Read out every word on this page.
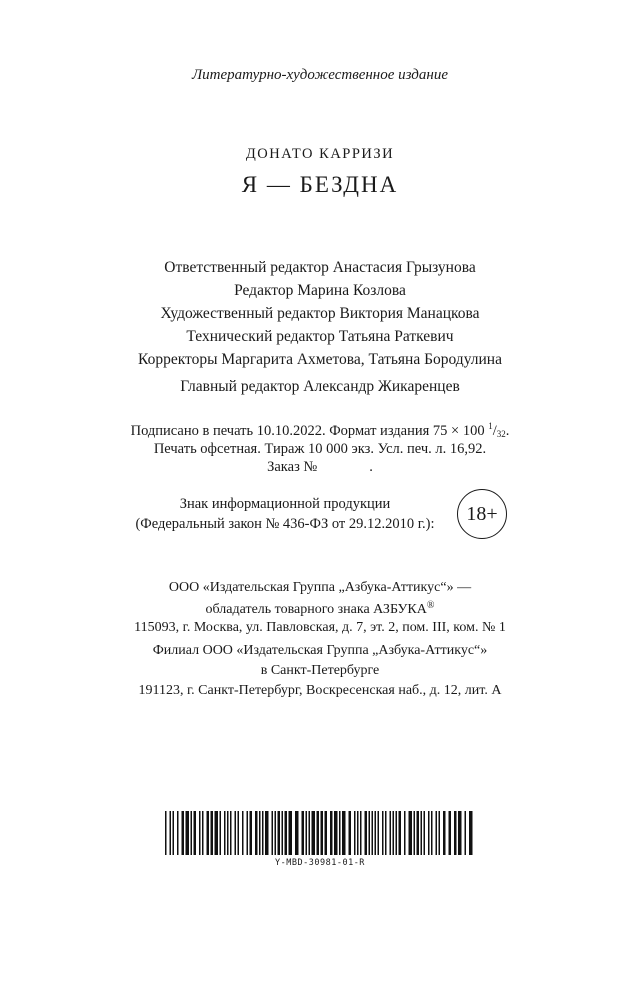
Литературно-художественное издание
ДОНАТО КАРРИЗИ
Я — БЕЗДНА
Ответственный редактор Анастасия Грызунова
Редактор Марина Козлова
Художественный редактор Виктория Манацкова
Технический редактор Татьяна Раткевич
Корректоры Маргарита Ахметова, Татьяна Бородулина
Главный редактор Александр Жикаренцев
Подписано в печать 10.10.2022. Формат издания 75 × 100 $^1/_{32}$.
Печать офсетная. Тираж 10 000 экз. Усл. печ. л. 16,92.
Заказ №	.
Знак информационной продукции
(Федеральный закон № 436-ФЗ от 29.12.2010 г.):	18+
ООО «Издательская Группа „Азбука-Аттикус“» —
обладатель товарного знака АЗБУКА®
115093, г. Москва, ул. Павловская, д. 7, эт. 2, пом. III, ком. № 1
Филиал ООО «Издательская Группа „Азбука-Аттикус“»
в Санкт-Петербурге
191123, г. Санкт-Петербург, Воскресенская наб., д. 12, лит. А
Y-MBD-30981-01-R
